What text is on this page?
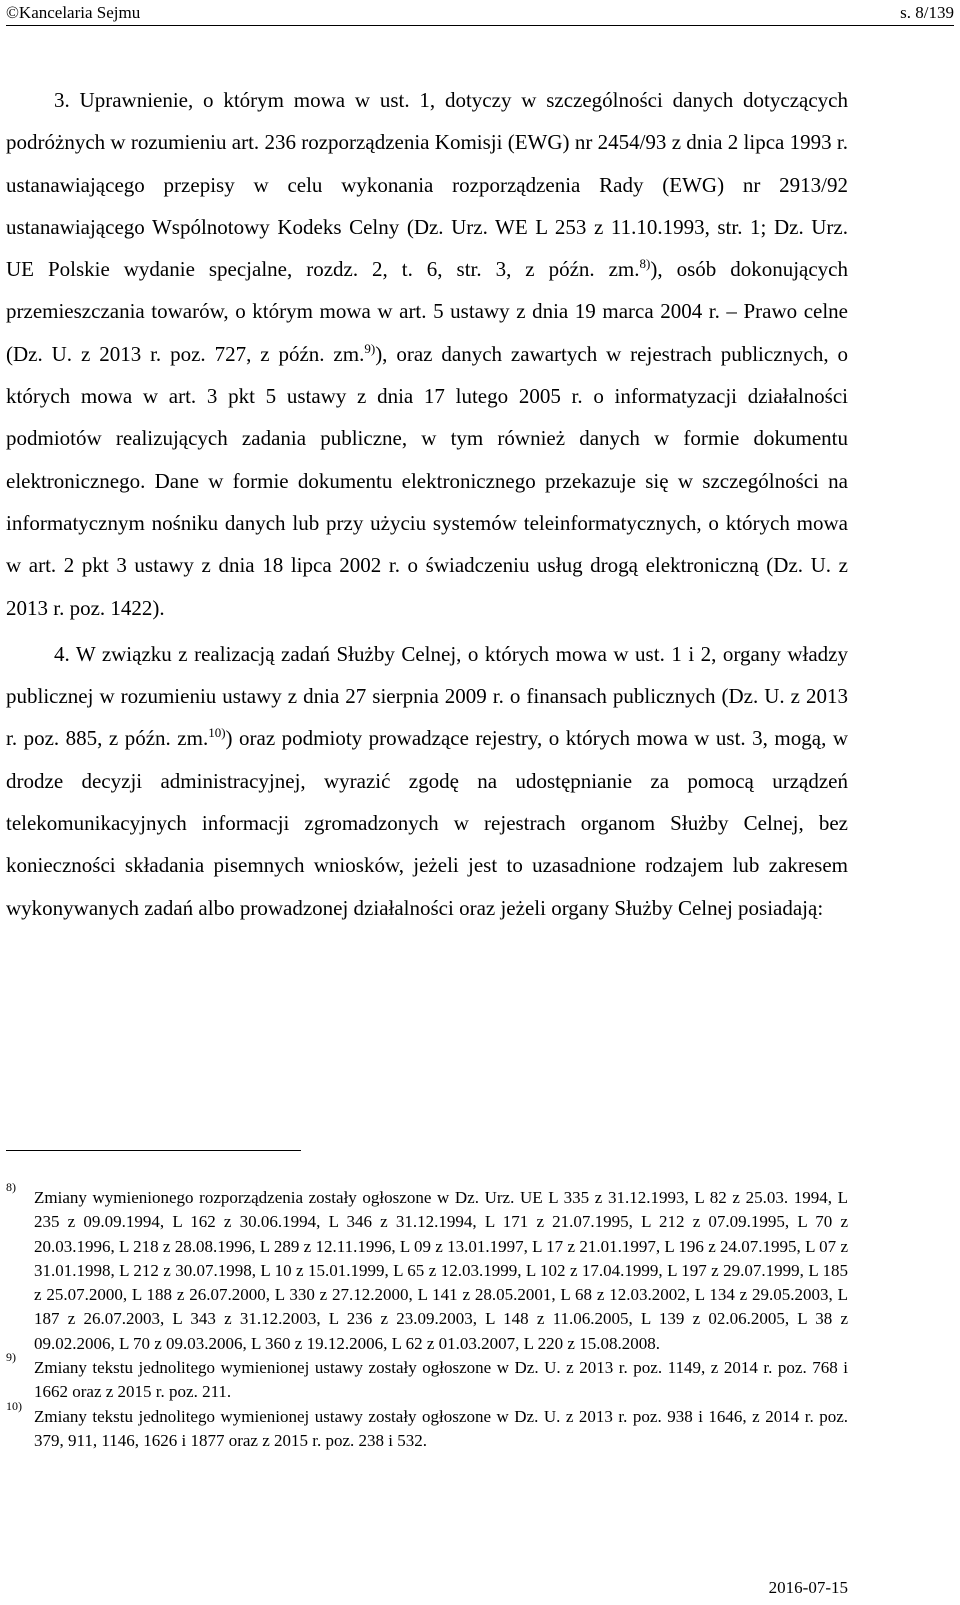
©Kancelaria Sejmu	s. 8/139

3. Uprawnienie, o którym mowa w ust. 1, dotyczy w szczególności danych dotyczących podróżnych w rozumieniu art. 236 rozporządzenia Komisji (EWG) nr 2454/93 z dnia 2 lipca 1993 r. ustanawiającego przepisy w celu wykonania rozporządzenia Rady (EWG) nr 2913/92 ustanawiającego Wspólnotowy Kodeks Celny (Dz. Urz. WE L 253 z 11.10.1993, str. 1; Dz. Urz. UE Polskie wydanie specjalne, rozdz. 2, t. 6, str. 3, z późn. zm.$^{8)}$), osób dokonujących przemieszczania towarów, o którym mowa w art. 5 ustawy z dnia 19 marca 2004 r. – Prawo celne (Dz. U. z 2013 r. poz. 727, z późn. zm.$^{9)}$), oraz danych zawartych w rejestrach publicznych, o których mowa w art. 3 pkt 5 ustawy z dnia 17 lutego 2005 r. o informatyzacji działalności podmiotów realizujących zadania publiczne, w tym również danych w formie dokumentu elektronicznego. Dane w formie dokumentu elektronicznego przekazuje się w szczególności na informatycznym nośniku danych lub przy użyciu systemów teleinformatycznych, o których mowa w art. 2 pkt 3 ustawy z dnia 18 lipca 2002 r. o świadczeniu usług drogą elektroniczną (Dz. U. z 2013 r. poz. 1422).

4. W związku z realizacją zadań Służby Celnej, o których mowa w ust. 1 i 2, organy władzy publicznej w rozumieniu ustawy z dnia 27 sierpnia 2009 r. o finansach publicznych (Dz. U. z 2013 r. poz. 885, z późn. zm.$^{10)}$) oraz podmioty prowadzące rejestry, o których mowa w ust. 3, mogą, w drodze decyzji administracyjnej, wyrazić zgodę na udostępnianie za pomocą urządzeń telekomunikacyjnych informacji zgromadzonych w rejestrach organom Służby Celnej, bez konieczności składania pisemnych wniosków, jeżeli jest to uzasadnione rodzajem lub zakresem wykonywanych zadań albo prowadzonej działalności oraz jeżeli organy Służby Celnej posiadają:

8)
Zmiany wymienionego rozporządzenia zostały ogłoszone w Dz. Urz. UE L 335 z 31.12.1993, L 82 z 25.03. 1994, L 235 z 09.09.1994, L 162 z 30.06.1994, L 346 z 31.12.1994, L 171 z 21.07.1995, L 212 z 07.09.1995, L 70 z 20.03.1996, L 218 z 28.08.1996, L 289 z 12.11.1996, L 09 z 13.01.1997, L 17 z 21.01.1997, L 196 z 24.07.1995, L 07 z 31.01.1998, L 212 z 30.07.1998, L 10 z 15.01.1999, L 65 z 12.03.1999, L 102 z 17.04.1999, L 197 z 29.07.1999, L 185 z 25.07.2000, L 188 z 26.07.2000, L 330 z 27.12.2000, L 141 z 28.05.2001, L 68 z 12.03.2002, L 134 z 29.05.2003, L 187 z 26.07.2003, L 343 z 31.12.2003, L 236 z 23.09.2003, L 148 z 11.06.2005, L 139 z 02.06.2005, L 38 z 09.02.2006, L 70 z 09.03.2006, L 360 z 19.12.2006, L 62 z 01.03.2007, L 220 z 15.08.2008.
9)
Zmiany tekstu jednolitego wymienionej ustawy zostały ogłoszone w Dz. U. z 2013 r. poz. 1149, z 2014 r. poz. 768 i 1662 oraz z 2015 r. poz. 211.
10)
Zmiany tekstu jednolitego wymienionej ustawy zostały ogłoszone w Dz. U. z 2013 r. poz. 938 i 1646, z 2014 r. poz. 379, 911, 1146, 1626 i 1877 oraz z 2015 r. poz. 238 i 532.
2016-07-15
